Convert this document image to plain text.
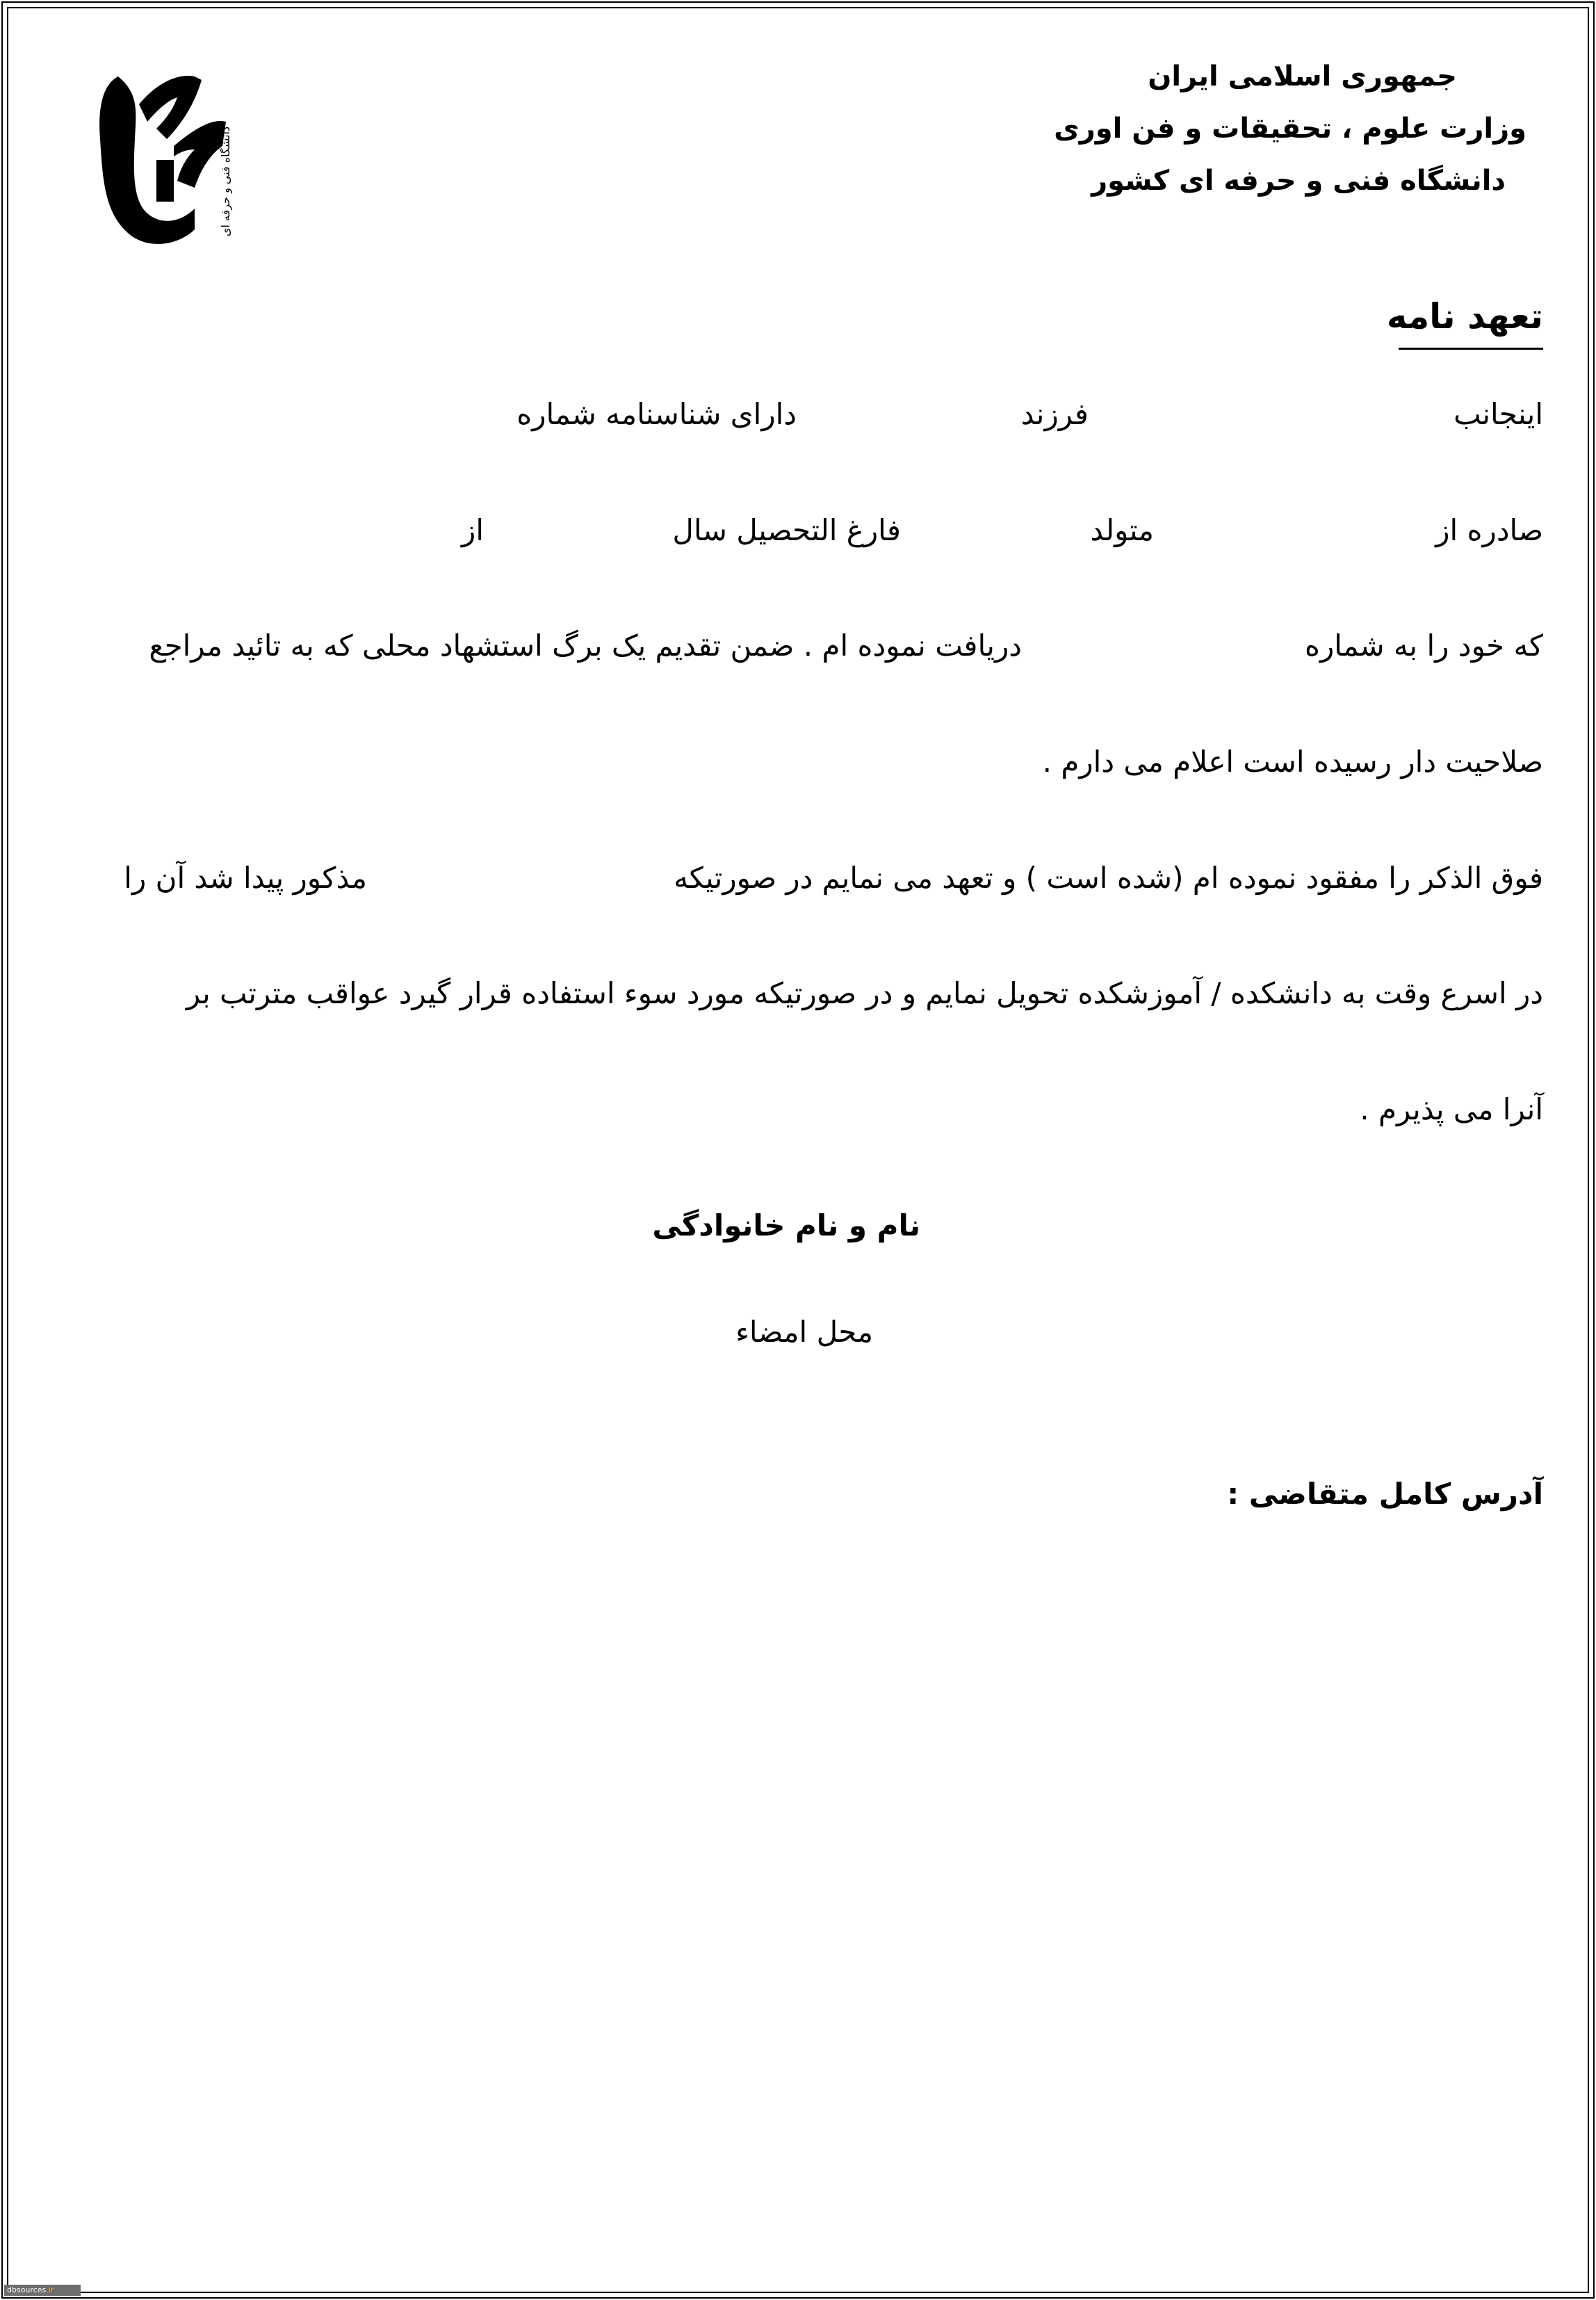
دانشگاه فنی و حرفه ای
جمهوری اسلامی ایران
وزارت علوم ، تحقیقات و فن اوری
دانشگاه فنی و حرفه ای کشور
تعهد نامه
اینجانب
فرزند
دارای شناسنامه شماره
صادره از
متولد
فارغ التحصیل سال
از
که خود را به شماره
دریافت نموده ام . ضمن تقدیم یک برگ استشهاد محلی که به تائید مراجع
صلاحیت دار رسیده است اعلام می دارم .
فوق الذکر را مفقود نموده ام (شده است ) و تعهد می نمایم در صورتیکه
مذکور پیدا شد آن را
در اسرع وقت به دانشکده / آموزشکده تحویل نمایم و در صورتیکه مورد سوء استفاده قرار گیرد عواقب مترتب بر
آنرا می پذیرم .
نام و نام خانوادگی
محل امضاء
آدرس کامل متقاضی :
dbsources.ir
